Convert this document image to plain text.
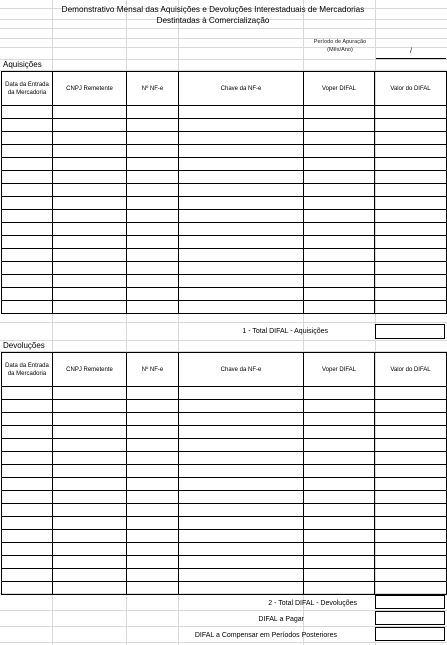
Demonstrativo Mensal das Aquisições e Devoluções Interestaduais de Mercadorias
Destintadas à Comercialização
Período de Apuração
(Mês/Ano)	/
Aquisições
Data da Entrada da Mercadoria	CNPJ Remetente	Nº NF-e	Chave da NF-e	Voper DIFAL	Valor do DIFAL

1 - Total DIFAL - Aquisições
Devoluções
Data da Entrada da Mercadoria	CNPJ Remetente	Nº NF-e	Chave da NF-e	Voper DIFAL	Valor do DIFAL

2 - Total DIFAL - Devoluções
DIFAL a Pagar
DIFAL a Compensar em Períodos Posteriores
